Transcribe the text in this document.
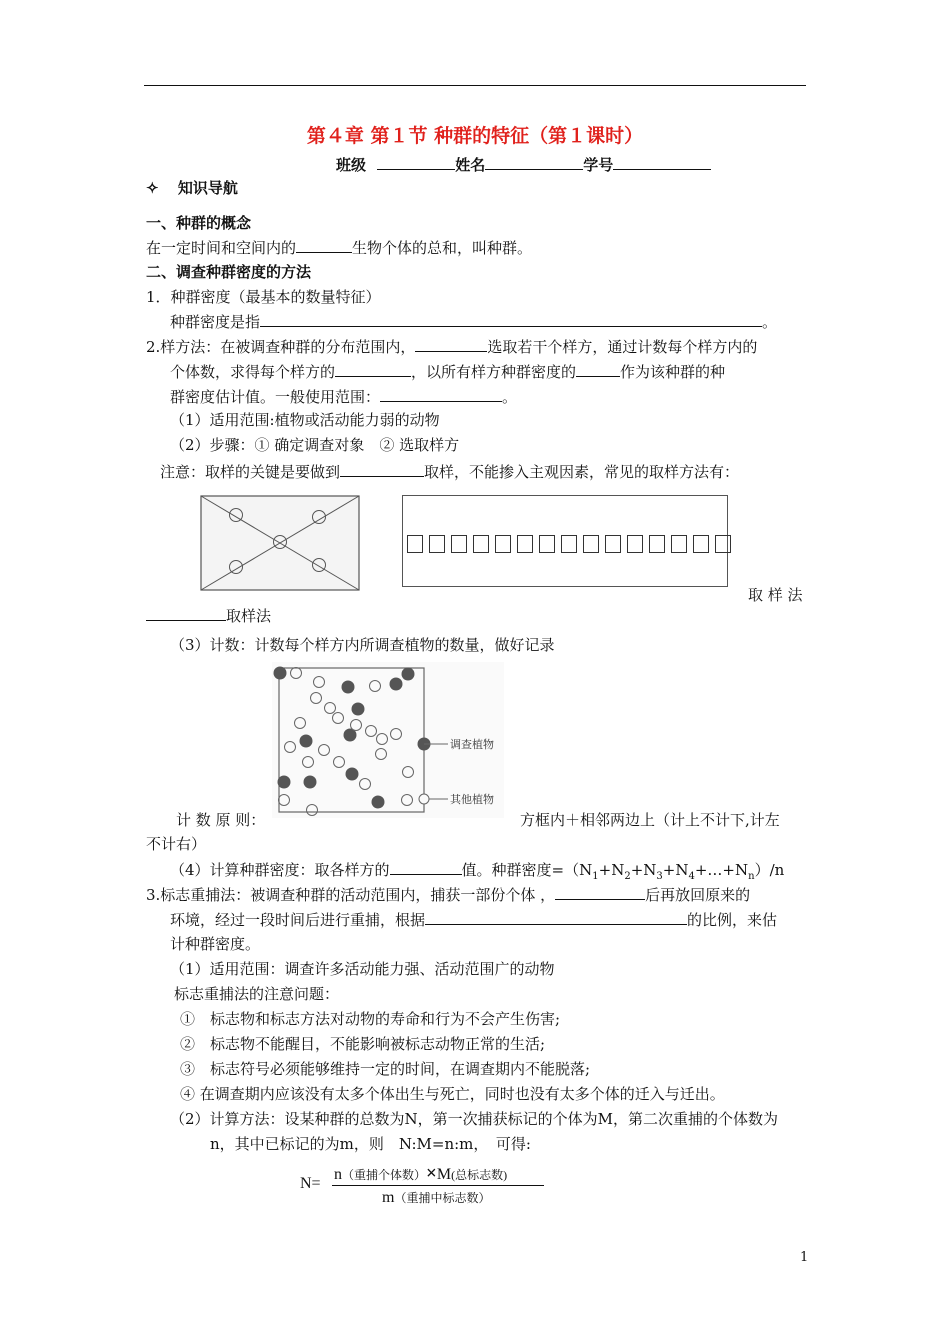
第４章 第１节 种群的特征（第１课时）
班级	姓名	学号
✧ 知识导航
一、种群的概念
在一定时间和空间内的	生物个体的总和，叫种群。
二、调查种群密度的方法
1．种群密度（最基本的数量特征）
种群密度是指	。
2.样方法：在被调查种群的分布范围内，	选取若干个样方，通过计数每个样方内的
个体数，求得每个样方的	，以所有样方种群密度的	作为该种群的种
群密度估计值。一般使用范围：	。
（1）适用范围:植物或活动能力弱的动物
（2）步骤：① 确定调查对象　② 选取样方
注意：取样的关键是要做到	取样，不能掺入主观因素，常见的取样方法有：
取 样 法
取样法
（3）计数：计数每个样方内所调查植物的数量，做好记录
调查植物
其他植物
计 数 原 则：	方框内＋相邻两边上（计上不计下,计左
不计右）
（4）计算种群密度：取各样方的	值。种群密度$=(N_1+N_2+N_3+N_4+\dots+N_n)/n$
3.标志重捕法：被调查种群的活动范围内，捕获一部份个体 ，	后再放回原来的
环境，经过一段时间后进行重捕，根据	的比例，来估
计种群密度。
（1）适用范围：调查许多活动能力强、活动范围广的动物
标志重捕法的注意问题：
①　标志物和标志方法对动物的寿命和行为不会产生伤害;
②　标志物不能醒目，不能影响被标志动物正常的生活;
③　标志符号必须能够维持一定的时间，在调查期内不能脱落;
④ 在调查期内应该没有太多个体出生与死亡，同时也没有太多个体的迁入与迁出。
（2）计算方法：设某种群的总数为N，第一次捕获标记的个体为M，第二次重捕的个体数为
n，其中已标记的为m，则　N:M=n:m，　可得:
N=
n（重捕个体数）×M(总标志数)
m（重捕中标志数）
1
